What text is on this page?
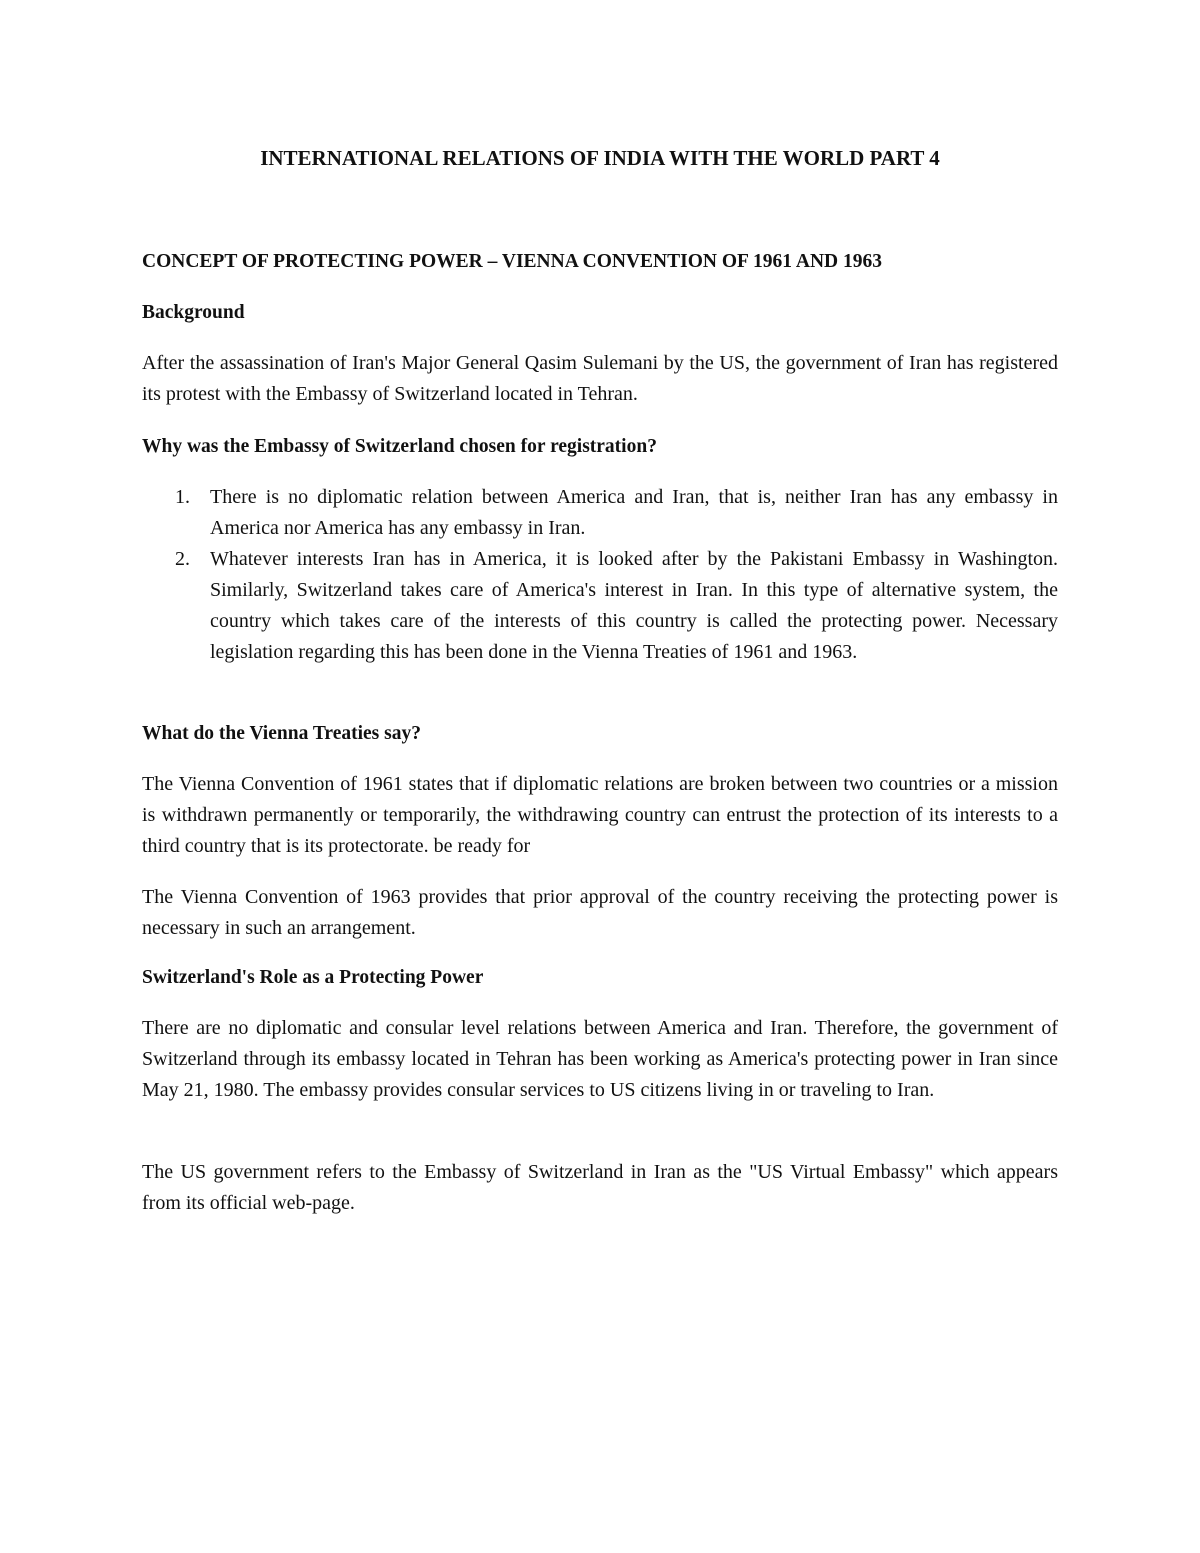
INTERNATIONAL RELATIONS OF INDIA WITH THE WORLD PART 4
CONCEPT OF PROTECTING POWER – VIENNA CONVENTION OF 1961 AND 1963
Background

After the assassination of Iran's Major General Qasim Sulemani by the US, the government of Iran has registered its protest with the Embassy of Switzerland located in Tehran.

Why was the Embassy of Switzerland chosen for registration?
1. There is no diplomatic relation between America and Iran, that is, neither Iran has any embassy in America nor America has any embassy in Iran.
2. Whatever interests Iran has in America, it is looked after by the Pakistani Embassy in Washington. Similarly, Switzerland takes care of America's interest in Iran. In this type of alternative system, the country which takes care of the interests of this country is called the protecting power. Necessary legislation regarding this has been done in the Vienna Treaties of 1961 and 1963.
What do the Vienna Treaties say?

The Vienna Convention of 1961 states that if diplomatic relations are broken between two countries or a mission is withdrawn permanently or temporarily, the withdrawing country can entrust the protection of its interests to a third country that is its protectorate. be ready for

The Vienna Convention of 1963 provides that prior approval of the country receiving the protecting power is necessary in such an arrangement.

Switzerland's Role as a Protecting Power

There are no diplomatic and consular level relations between America and Iran. Therefore, the government of Switzerland through its embassy located in Tehran has been working as America's protecting power in Iran since May 21, 1980. The embassy provides consular services to US citizens living in or traveling to Iran.

The US government refers to the Embassy of Switzerland in Iran as the "US Virtual Embassy" which appears from its official web-page.
